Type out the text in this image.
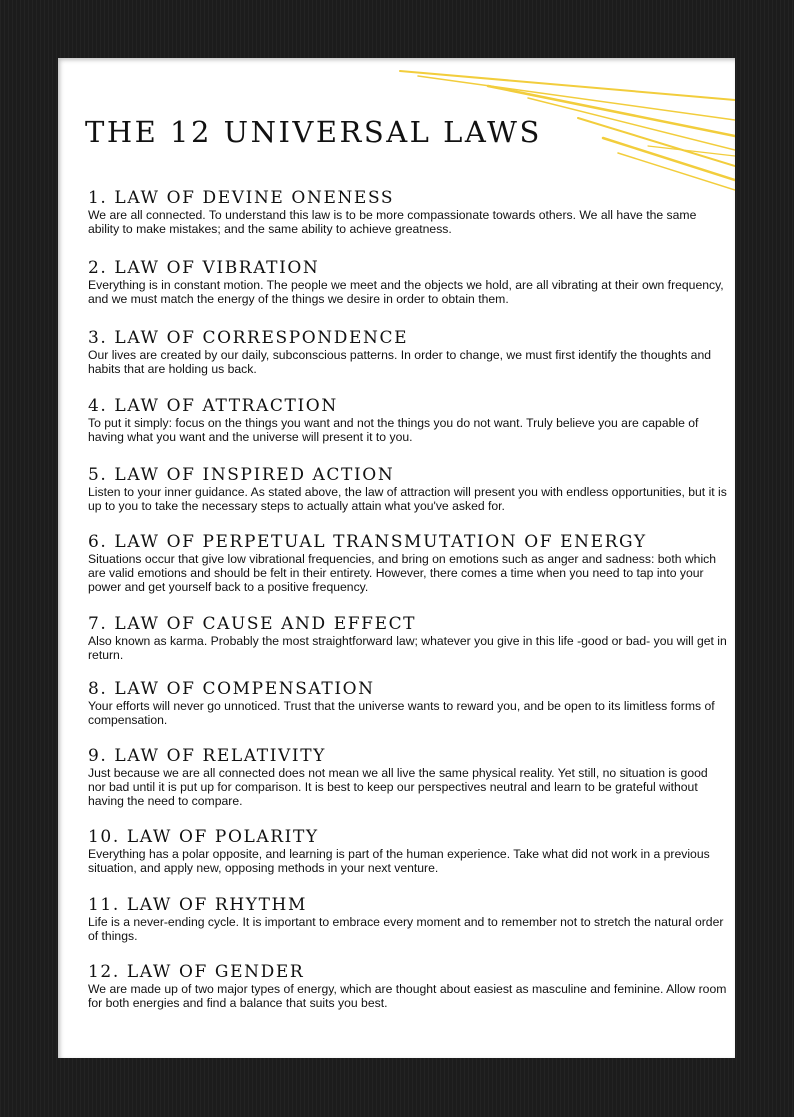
THE 12 UNIVERSAL LAWS
1. LAW OF DEVINE ONENESS

We are all connected. To understand this law is to be more compassionate towards others. We all have the same ability to make mistakes; and the same ability to achieve greatness.

2. LAW OF VIBRATION

Everything is in constant motion. The people we meet and the objects we hold, are all vibrating at their own frequency, and we must match the energy of the things we desire in order to obtain them.

3. LAW OF CORRESPONDENCE

Our lives are created by our daily, subconscious patterns. In order to change, we must first identify the thoughts and habits that are holding us back.

4. LAW OF ATTRACTION

To put it simply: focus on the things you want and not the things you do not want. Truly believe you are capable of having what you want and the universe will present it to you.

5. LAW OF INSPIRED ACTION

Listen to your inner guidance. As stated above, the law of attraction will present you with endless opportunities, but it is up to you to take the necessary steps to actually attain what you've asked for.

6. LAW OF PERPETUAL TRANSMUTATION OF ENERGY

Situations occur that give low vibrational frequencies, and bring on emotions such as anger and sadness: both which are valid emotions and should be felt in their entirety. However, there comes a time when you need to tap into your power and get yourself back to a positive frequency.

7. LAW OF CAUSE AND EFFECT

Also known as karma. Probably the most straightforward law; whatever you give in this life -good or bad- you will get in return.

8. LAW OF COMPENSATION

Your efforts will never go unnoticed. Trust that the universe wants to reward you, and be open to its limitless forms of compensation.

9. LAW OF RELATIVITY

Just because we are all connected does not mean we all live the same physical reality. Yet still, no situation is good nor bad until it is put up for comparison. It is best to keep our perspectives neutral and learn to be grateful without having the need to compare.

10. LAW OF POLARITY

Everything has a polar opposite, and learning is part of the human experience. Take what did not work in a previous situation, and apply new, opposing methods in your next venture.

11. LAW OF RHYTHM

Life is a never-ending cycle. It is important to embrace every moment and to remember not to stretch the natural order of things.

12. LAW OF GENDER

We are made up of two major types of energy, which are thought about easiest as masculine and feminine. Allow room for both energies and find a balance that suits you best.
